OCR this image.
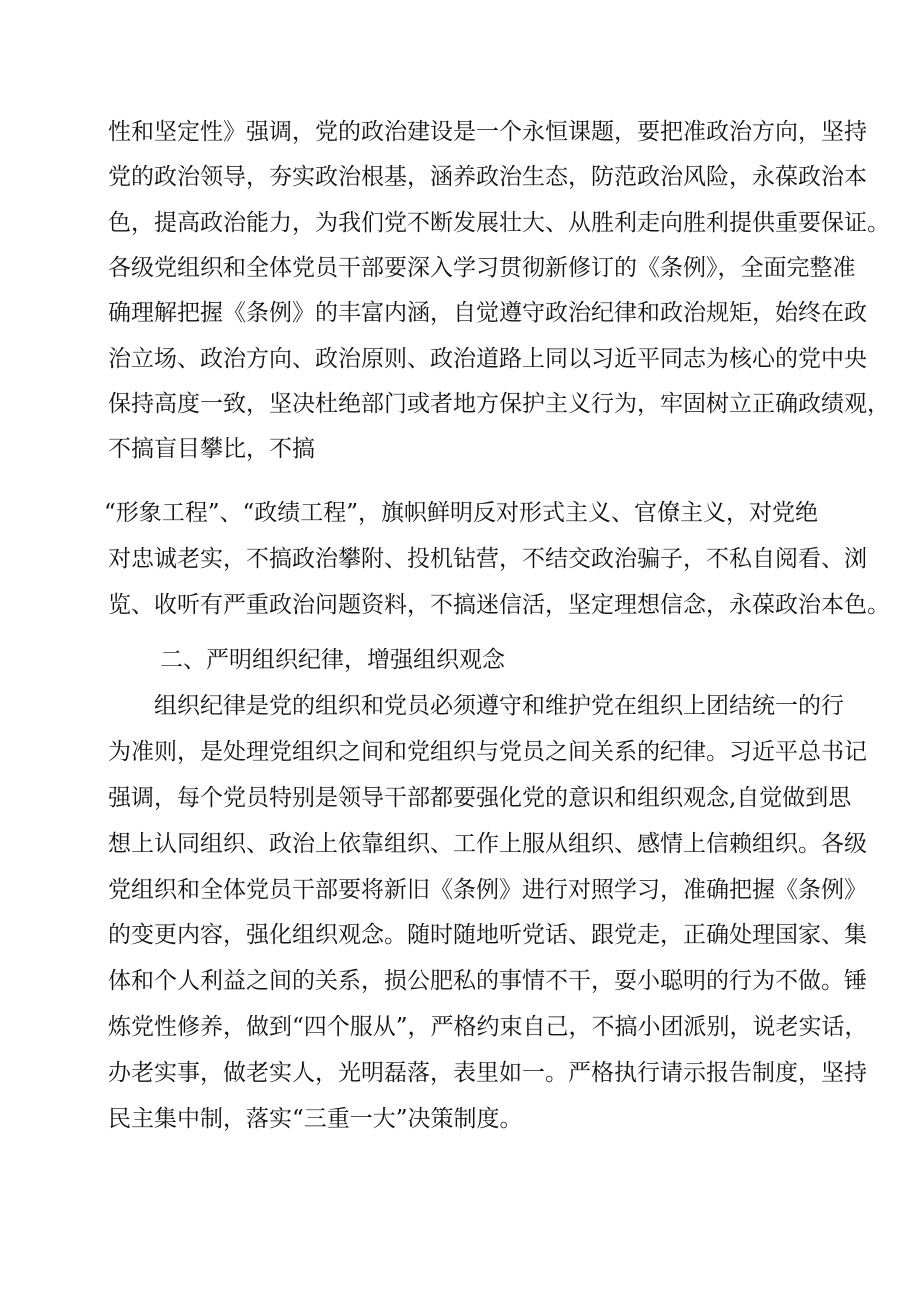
性和坚定性》强调，党的政治建设是一个永恒课题，要把准政治方向，坚持
党的政治领导，夯实政治根基，涵养政治生态，防范政治风险，永葆政治本
色，提高政治能力，为我们党不断发展壮大、从胜利走向胜利提供重要保证。
各级党组织和全体党员干部要深入学习贯彻新修订的《条例》，全面完整准
确理解把握《条例》的丰富内涵，自觉遵守政治纪律和政治规矩，始终在政
治立场、政治方向、政治原则、政治道路上同以习近平同志为核心的党中央
保持高度一致，坚决杜绝部门或者地方保护主义行为，牢固树立正确政绩观，
不搞盲目攀比，不搞
“形象工程”、“政绩工程”，旗帜鲜明反对形式主义、官僚主义，对党绝
对忠诚老实，不搞政治攀附、投机钻营，不结交政治骗子，不私自阅看、浏
览、收听有严重政治问题资料，不搞迷信活，坚定理想信念，永葆政治本色。
二、严明组织纪律，增强组织观念
组织纪律是党的组织和党员必须遵守和维护党在组织上团结统一的行
为准则，是处理党组织之间和党组织与党员之间关系的纪律。习近平总书记
强调，每个党员特别是领导干部都要强化党的意识和组织观念,自觉做到思
想上认同组织、政治上依靠组织、工作上服从组织、感情上信赖组织。各级
党组织和全体党员干部要将新旧《条例》进行对照学习，准确把握《条例》
的变更内容，强化组织观念。随时随地听党话、跟党走，正确处理国家、集
体和个人利益之间的关系，损公肥私的事情不干，耍小聪明的行为不做。锤
炼党性修养，做到“四个服从”，严格约束自己，不搞小团派别，说老实话，
办老实事，做老实人，光明磊落，表里如一。严格执行请示报告制度，坚持
民主集中制，落实“三重一大”决策制度。
